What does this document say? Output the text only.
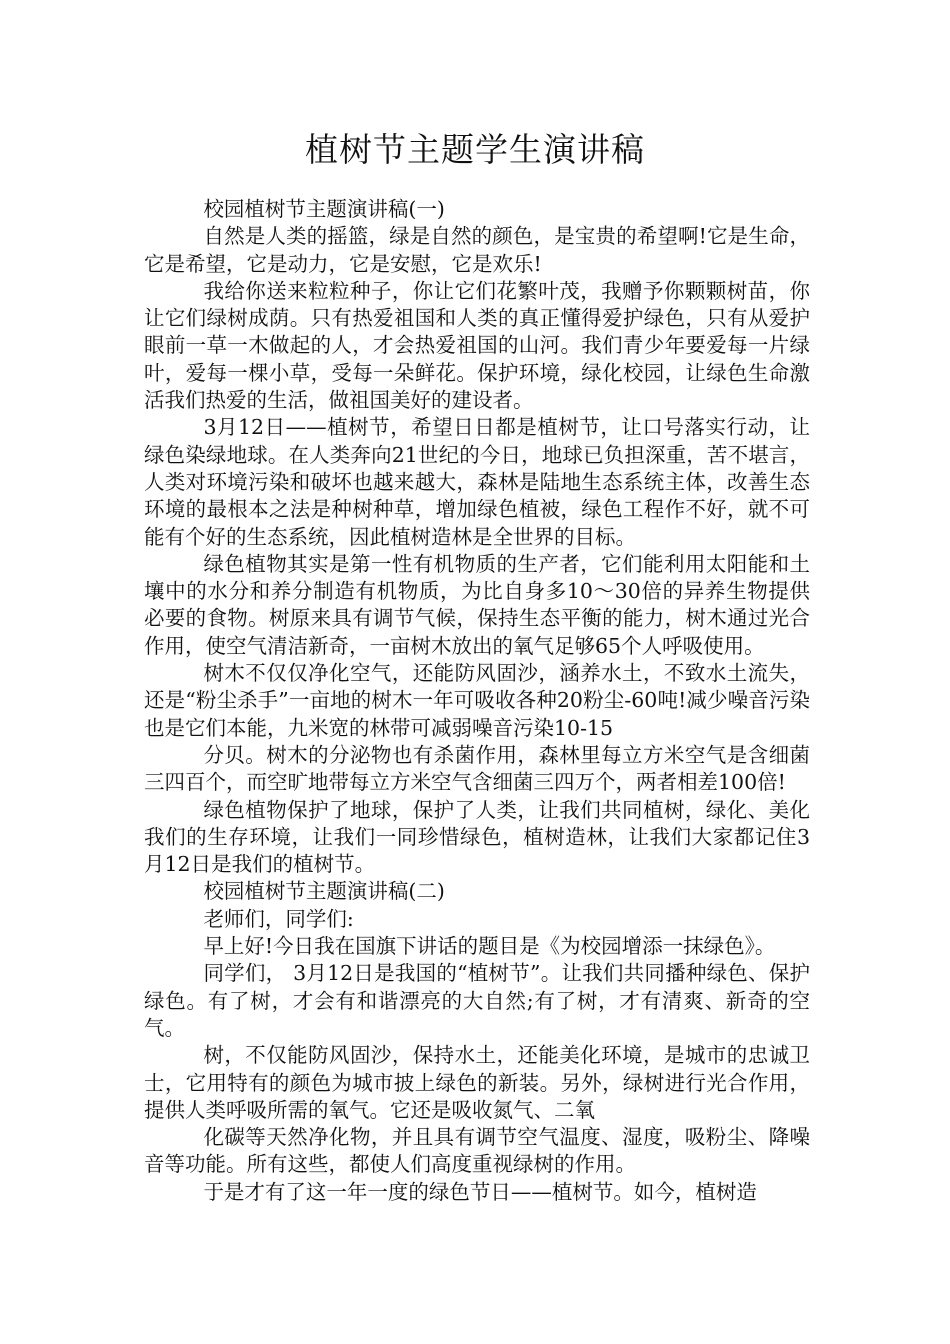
植树节主题学生演讲稿

校园植树节主题演讲稿(一)

自然是人类的摇篮，绿是自然的颜色，是宝贵的希望啊!它是生命，它是希望，它是动力，它是安慰，它是欢乐!

我给你送来粒粒种子，你让它们花繁叶茂，我赠予你颗颗树苗，你让它们绿树成荫。只有热爱祖国和人类的真正懂得爱护绿色，只有从爱护眼前一草一木做起的人，才会热爱祖国的山河。我们青少年要爱每一片绿叶，爱每一棵小草，受每一朵鲜花。保护环境，绿化校园，让绿色生命激活我们热爱的生活，做祖国美好的建设者。

3月12日——植树节，希望日日都是植树节，让口号落实行动，让绿色染绿地球。在人类奔向21世纪的今日，地球已负担深重，苦不堪言，人类对环境污染和破坏也越来越大，森林是陆地生态系统主体，改善生态环境的最根本之法是种树种草，增加绿色植被，绿色工程作不好，就不可能有个好的生态系统，因此植树造林是全世界的目标。

绿色植物其实是第一性有机物质的生产者，它们能利用太阳能和土壤中的水分和养分制造有机物质，为比自身多10～30倍的异养生物提供必要的食物。树原来具有调节气候，保持生态平衡的能力，树木通过光合作用，使空气清洁新奇，一亩树木放出的氧气足够65个人呼吸使用。

树木不仅仅净化空气，还能防风固沙，涵养水土，不致水土流失，还是“粉尘杀手”一亩地的树木一年可吸收各种20粉尘-60吨!减少噪音污染也是它们本能，九米宽的林带可减弱噪音污染10-15

分贝。树木的分泌物也有杀菌作用，森林里每立方米空气是含细菌三四百个，而空旷地带每立方米空气含细菌三四万个，两者相差100倍!

绿色植物保护了地球，保护了人类，让我们共同植树，绿化、美化我们的生存环境，让我们一同珍惜绿色，植树造林，让我们大家都记住3月12日是我们的植树节。

校园植树节主题演讲稿(二)

老师们，同学们:

早上好!今日我在国旗下讲话的题目是《为校园增添一抹绿色》。

同学们， 3月12日是我国的“植树节”。让我们共同播种绿色、保护绿色。有了树，才会有和谐漂亮的大自然;有了树，才有清爽、新奇的空气。

树，不仅能防风固沙，保持水土，还能美化环境，是城市的忠诚卫士，它用特有的颜色为城市披上绿色的新装。另外，绿树进行光合作用，提供人类呼吸所需的氧气。它还是吸收氮气、二氧

化碳等天然净化物，并且具有调节空气温度、湿度，吸粉尘、降噪音等功能。所有这些，都使人们高度重视绿树的作用。

于是才有了这一年一度的绿色节日——植树节。如今，植树造
